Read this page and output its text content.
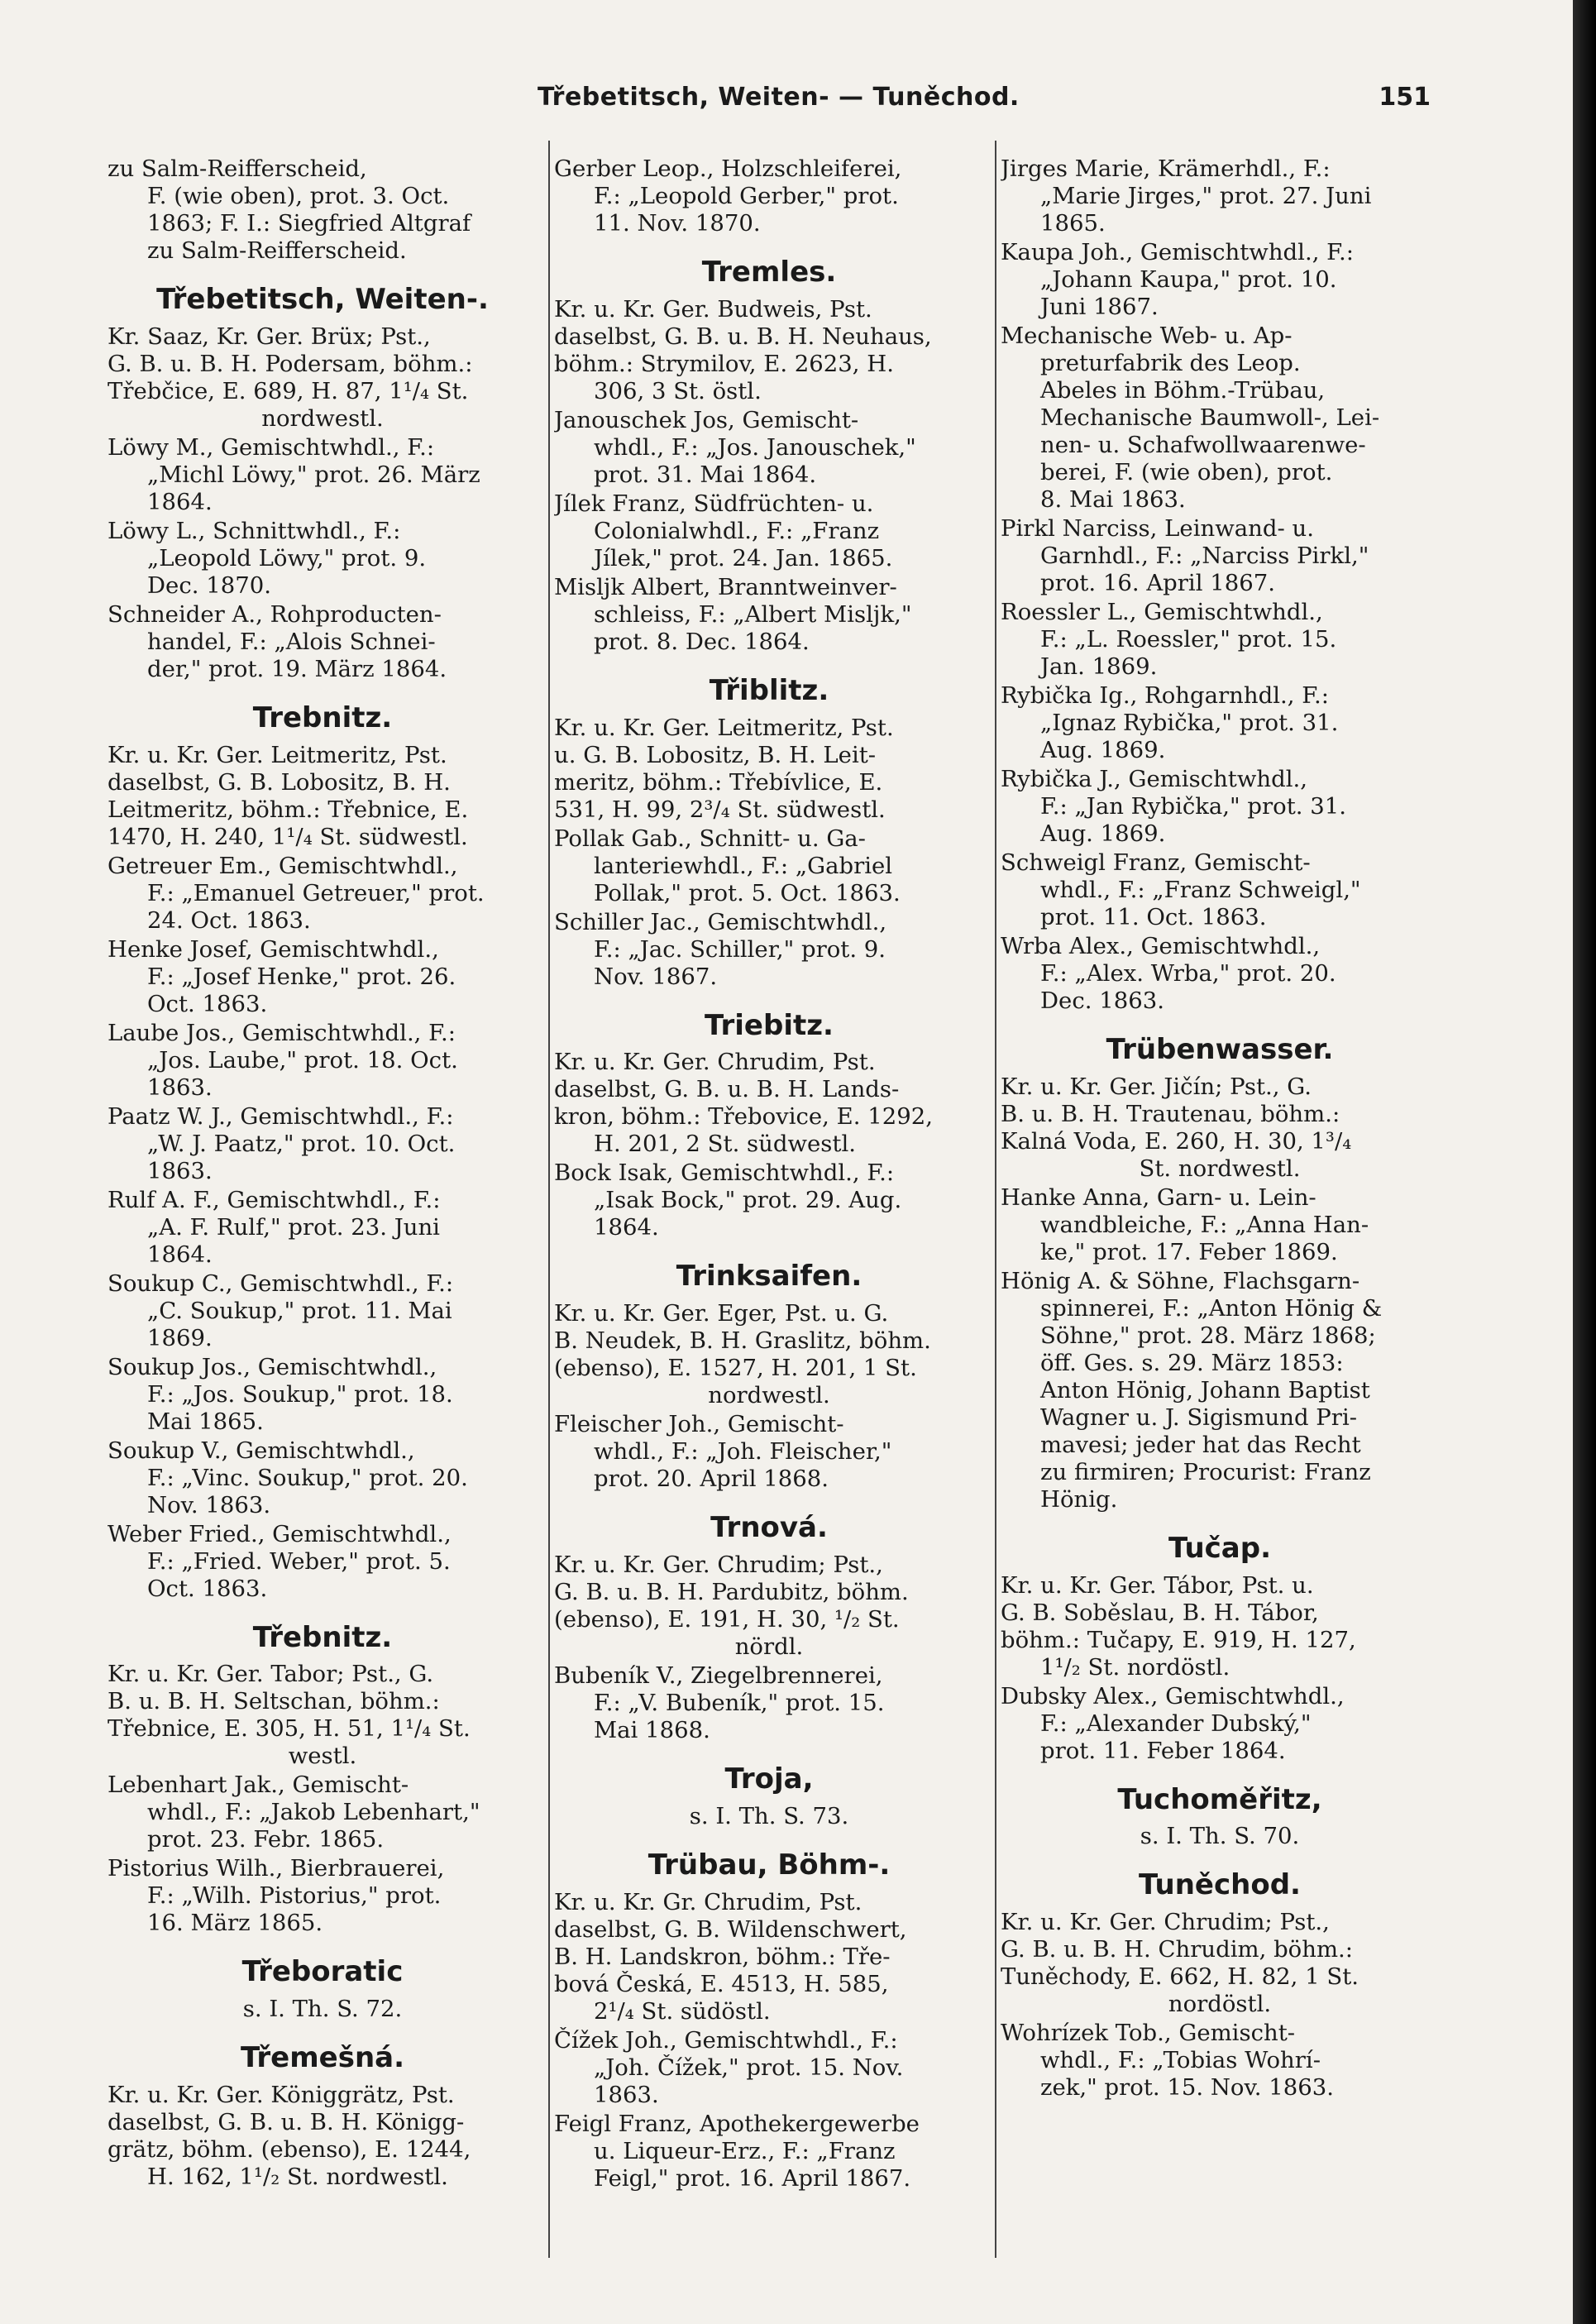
Třebetitsch, Weiten- — Tuněchod.	151
zu Salm-Reifferscheid,
F. (wie oben), prot. 3. Oct.
1863; F. I.: Siegfried Altgraf
zu Salm-Reifferscheid.
Třebetitsch, Weiten-.
Kr. Saaz, Kr. Ger. Brüx; Pst.,
G. B. u. B. H. Podersam, böhm.:
Třebčice, E. 689, H. 87, 1¹/₄ St.
nordwestl.
Löwy M., Gemischtwhdl., F.:
„Michl Löwy," prot. 26. März
1864.
Löwy L., Schnittwhdl., F.:
„Leopold Löwy," prot. 9.
Dec. 1870.
Schneider A., Rohproducten-
handel, F.: „Alois Schnei-
der," prot. 19. März 1864.
Trebnitz.
Kr. u. Kr. Ger. Leitmeritz, Pst.
daselbst, G. B. Lobositz, B. H.
Leitmeritz, böhm.: Třebnice, E.
1470, H. 240, 1¹/₄ St. südwestl.
Getreuer Em., Gemischtwhdl.,
F.: „Emanuel Getreuer," prot.
24. Oct. 1863.
Henke Josef, Gemischtwhdl.,
F.: „Josef Henke," prot. 26.
Oct. 1863.
Laube Jos., Gemischtwhdl., F.:
„Jos. Laube," prot. 18. Oct.
1863.
Paatz W. J., Gemischtwhdl., F.:
„W. J. Paatz," prot. 10. Oct.
1863.
Rulf A. F., Gemischtwhdl., F.:
„A. F. Rulf," prot. 23. Juni
1864.
Soukup C., Gemischtwhdl., F.:
„C. Soukup," prot. 11. Mai
1869.
Soukup Jos., Gemischtwhdl.,
F.: „Jos. Soukup," prot. 18.
Mai 1865.
Soukup V., Gemischtwhdl.,
F.: „Vinc. Soukup," prot. 20.
Nov. 1863.
Weber Fried., Gemischtwhdl.,
F.: „Fried. Weber," prot. 5.
Oct. 1863.
Třebnitz.
Kr. u. Kr. Ger. Tabor; Pst., G.
B. u. B. H. Seltschan, böhm.:
Třebnice, E. 305, H. 51, 1¹/₄ St.
westl.
Lebenhart Jak., Gemischt-
whdl., F.: „Jakob Lebenhart,"
prot. 23. Febr. 1865.
Pistorius Wilh., Bierbrauerei,
F.: „Wilh. Pistorius," prot.
16. März 1865.
Třeboratic
s. I. Th. S. 72.
Třemešná.
Kr. u. Kr. Ger. Königgrätz, Pst.
daselbst, G. B. u. B. H. Königg-
grätz, böhm. (ebenso), E. 1244,
H. 162, 1¹/₂ St. nordwestl.
Gerber Leop., Holzschleiferei,
F.: „Leopold Gerber," prot.
11. Nov. 1870.
Tremles.
Kr. u. Kr. Ger. Budweis, Pst.
daselbst, G. B. u. B. H. Neuhaus,
böhm.: Strymilov, E. 2623, H.
306, 3 St. östl.
Janouschek Jos, Gemischt-
whdl., F.: „Jos. Janouschek,"
prot. 31. Mai 1864.
Jílek Franz, Südfrüchten- u.
Colonialwhdl., F.: „Franz
Jílek," prot. 24. Jan. 1865.
Misljk Albert, Branntweinver-
schleiss, F.: „Albert Misljk,"
prot. 8. Dec. 1864.
Třiblitz.
Kr. u. Kr. Ger. Leitmeritz, Pst.
u. G. B. Lobositz, B. H. Leit-
meritz, böhm.: Třebívlice, E.
531, H. 99, 2³/₄ St. südwestl.
Pollak Gab., Schnitt- u. Ga-
lanteriewhdl., F.: „Gabriel
Pollak," prot. 5. Oct. 1863.
Schiller Jac., Gemischtwhdl.,
F.: „Jac. Schiller," prot. 9.
Nov. 1867.
Triebitz.
Kr. u. Kr. Ger. Chrudim, Pst.
daselbst, G. B. u. B. H. Lands-
kron, böhm.: Třebovice, E. 1292,
H. 201, 2 St. südwestl.
Bock Isak, Gemischtwhdl., F.:
„Isak Bock," prot. 29. Aug.
1864.
Trinksaifen.
Kr. u. Kr. Ger. Eger, Pst. u. G.
B. Neudek, B. H. Graslitz, böhm.
(ebenso), E. 1527, H. 201, 1 St.
nordwestl.
Fleischer Joh., Gemischt-
whdl., F.: „Joh. Fleischer,"
prot. 20. April 1868.
Trnová.
Kr. u. Kr. Ger. Chrudim; Pst.,
G. B. u. B. H. Pardubitz, böhm.
(ebenso), E. 191, H. 30, ¹/₂ St.
nördl.
Bubeník V., Ziegelbrennerei,
F.: „V. Bubeník," prot. 15.
Mai 1868.
Troja,
s. I. Th. S. 73.
Trübau, Böhm-.
Kr. u. Kr. Gr. Chrudim, Pst.
daselbst, G. B. Wildenschwert,
B. H. Landskron, böhm.: Tře-
bová Česká, E. 4513, H. 585,
2¹/₄ St. südöstl.
Čížek Joh., Gemischtwhdl., F.:
„Joh. Čížek," prot. 15. Nov.
1863.
Feigl Franz, Apothekergewerbe
u. Liqueur-Erz., F.: „Franz
Feigl," prot. 16. April 1867.
Jirges Marie, Krämerhdl., F.:
„Marie Jirges," prot. 27. Juni
1865.
Kaupa Joh., Gemischtwhdl., F.:
„Johann Kaupa," prot. 10.
Juni 1867.
Mechanische Web- u. Ap-
preturfabrik des Leop.
Abeles in Böhm.-Trübau,
Mechanische Baumwoll-, Lei-
nen- u. Schafwollwaarenwe-
berei, F. (wie oben), prot.
8. Mai 1863.
Pirkl Narciss, Leinwand- u.
Garnhdl., F.: „Narciss Pirkl,"
prot. 16. April 1867.
Roessler L., Gemischtwhdl.,
F.: „L. Roessler," prot. 15.
Jan. 1869.
Rybička Ig., Rohgarnhdl., F.:
„Ignaz Rybička," prot. 31.
Aug. 1869.
Rybička J., Gemischtwhdl.,
F.: „Jan Rybička," prot. 31.
Aug. 1869.
Schweigl Franz, Gemischt-
whdl., F.: „Franz Schweigl,"
prot. 11. Oct. 1863.
Wrba Alex., Gemischtwhdl.,
F.: „Alex. Wrba," prot. 20.
Dec. 1863.
Trübenwasser.
Kr. u. Kr. Ger. Jičín; Pst., G.
B. u. B. H. Trautenau, böhm.:
Kalná Voda, E. 260, H. 30, 1³/₄
St. nordwestl.
Hanke Anna, Garn- u. Lein-
wandbleiche, F.: „Anna Han-
ke," prot. 17. Feber 1869.
Hönig A. & Söhne, Flachsgarn-
spinnerei, F.: „Anton Hönig &
Söhne," prot. 28. März 1868;
öff. Ges. s. 29. März 1853:
Anton Hönig, Johann Baptist
Wagner u. J. Sigismund Pri-
mavesi; jeder hat das Recht
zu firmiren; Procurist: Franz
Hönig.
Tučap.
Kr. u. Kr. Ger. Tábor, Pst. u.
G. B. Soběslau, B. H. Tábor,
böhm.: Tučapy, E. 919, H. 127,
1¹/₂ St. nordöstl.
Dubsky Alex., Gemischtwhdl.,
F.: „Alexander Dubský,"
prot. 11. Feber 1864.
Tuchoměřitz,
s. I. Th. S. 70.
Tuněchod.
Kr. u. Kr. Ger. Chrudim; Pst.,
G. B. u. B. H. Chrudim, böhm.:
Tuněchody, E. 662, H. 82, 1 St.
nordöstl.
Wohrízek Tob., Gemischt-
whdl., F.: „Tobias Wohrí-
zek," prot. 15. Nov. 1863.
